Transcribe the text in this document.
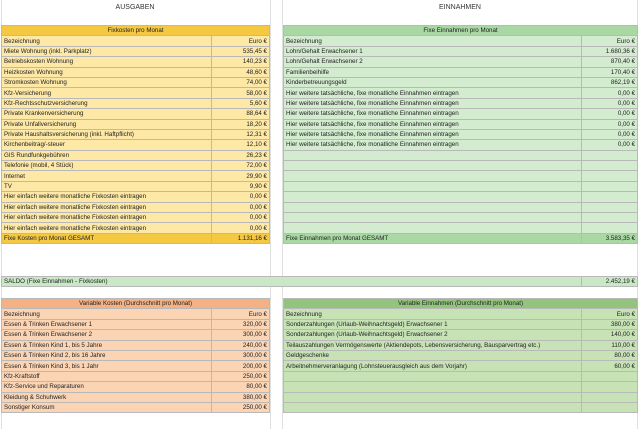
AUSGABEN	EINNAHMEN
Fixkosten pro Monat	
Bezeichnung	Euro €
Miete Wohnung (inkl. Parkplatz)	535,45 €
Betriebskosten Wohnung	140,23 €
Heizkosten Wohnung	48,60 €
Stromkosten Wohnung	74,00 €
Kfz-Versicherung	58,00 €
Kfz-Rechtsschutzversicherung	5,60 €
Private Krankenversicherung	88,64 €
Private Unfallversicherung	18,20 €
Private Haushaltsversicherung (inkl. Haftpflicht)	12,31 €
Kirchenbeitrag/-steuer	12,10 €
GIS Rundfunkgebühren	26,23 €
Telefonie (mobil, 4 Stück)	72,00 €
Internet	29,90 €
TV	9,90 €
Hier einfach weitere monatliche Fixkosten eintragen	0,00 €
Hier einfach weitere monatliche Fixkosten eintragen	0,00 €
Hier einfach weitere monatliche Fixkosten eintragen	0,00 €
Hier einfach weitere monatliche Fixkosten eintragen	0,00 €
Fixe Kosten pro Monat GESAMT	1.131,16 €
Fixe Einnahmen pro Monat	
Bezeichnung	Euro €
Lohn/Gehalt Erwachsener 1	1.680,36 €
Lohn/Gehalt Erwachsener 2	870,40 €
Familienbeihilfe	170,40 €
Kinderbetreuungsgeld	862,19 €
Hier weitere tatsächliche, fixe monatliche Einnahmen eintragen	0,00 €
Hier weitere tatsächliche, fixe monatliche Einnahmen eintragen	0,00 €
Hier weitere tatsächliche, fixe monatliche Einnahmen eintragen	0,00 €
Hier weitere tatsächliche, fixe monatliche Einnahmen eintragen	0,00 €
Hier weitere tatsächliche, fixe monatliche Einnahmen eintragen	0,00 €
Hier weitere tatsächliche, fixe monatliche Einnahmen eintragen	0,00 €

Fixe Einnahmen pro Monat GESAMT	3.583,35 €
SALDO (Fixe Einnahmen - Fixkosten)	2.452,19 €
Variable Kosten (Durchschnitt pro Monat)	
Bezeichnung	Euro €
Essen & Trinken Erwachsener 1	320,00 €
Essen & Trinken Erwachsener 2	300,00 €
Essen & Trinken Kind 1, bis 5 Jahre	240,00 €
Essen & Trinken Kind 2, bis 16 Jahre	300,00 €
Essen & Trinken Kind 3, bis 1 Jahr	200,00 €
Kfz-Kraftstoff	250,00 €
Kfz-Service und Reparaturen	80,00 €
Kleidung & Schuhwerk	380,00 €
Sonstiger Konsum	250,00 €
Variable Einnahmen (Durchschnitt pro Monat)	
Bezeichnung	Euro €
Sonderzahlungen (Urlaub-Weihnachtsgeld) Erwachsener 1	380,00 €
Sonderzahlungen (Urlaub-Weihnachtsgeld) Erwachsener 2	140,00 €
Teilauszahlungen Vermögenswerte (Aktiendepots, Lebensversicherung, Bausparvertrag etc.)	110,00 €
Geldgeschenke	80,00 €
Arbeitnehmerveranlagung (Lohnsteuerausgleich aus dem Vorjahr)	60,00 €
